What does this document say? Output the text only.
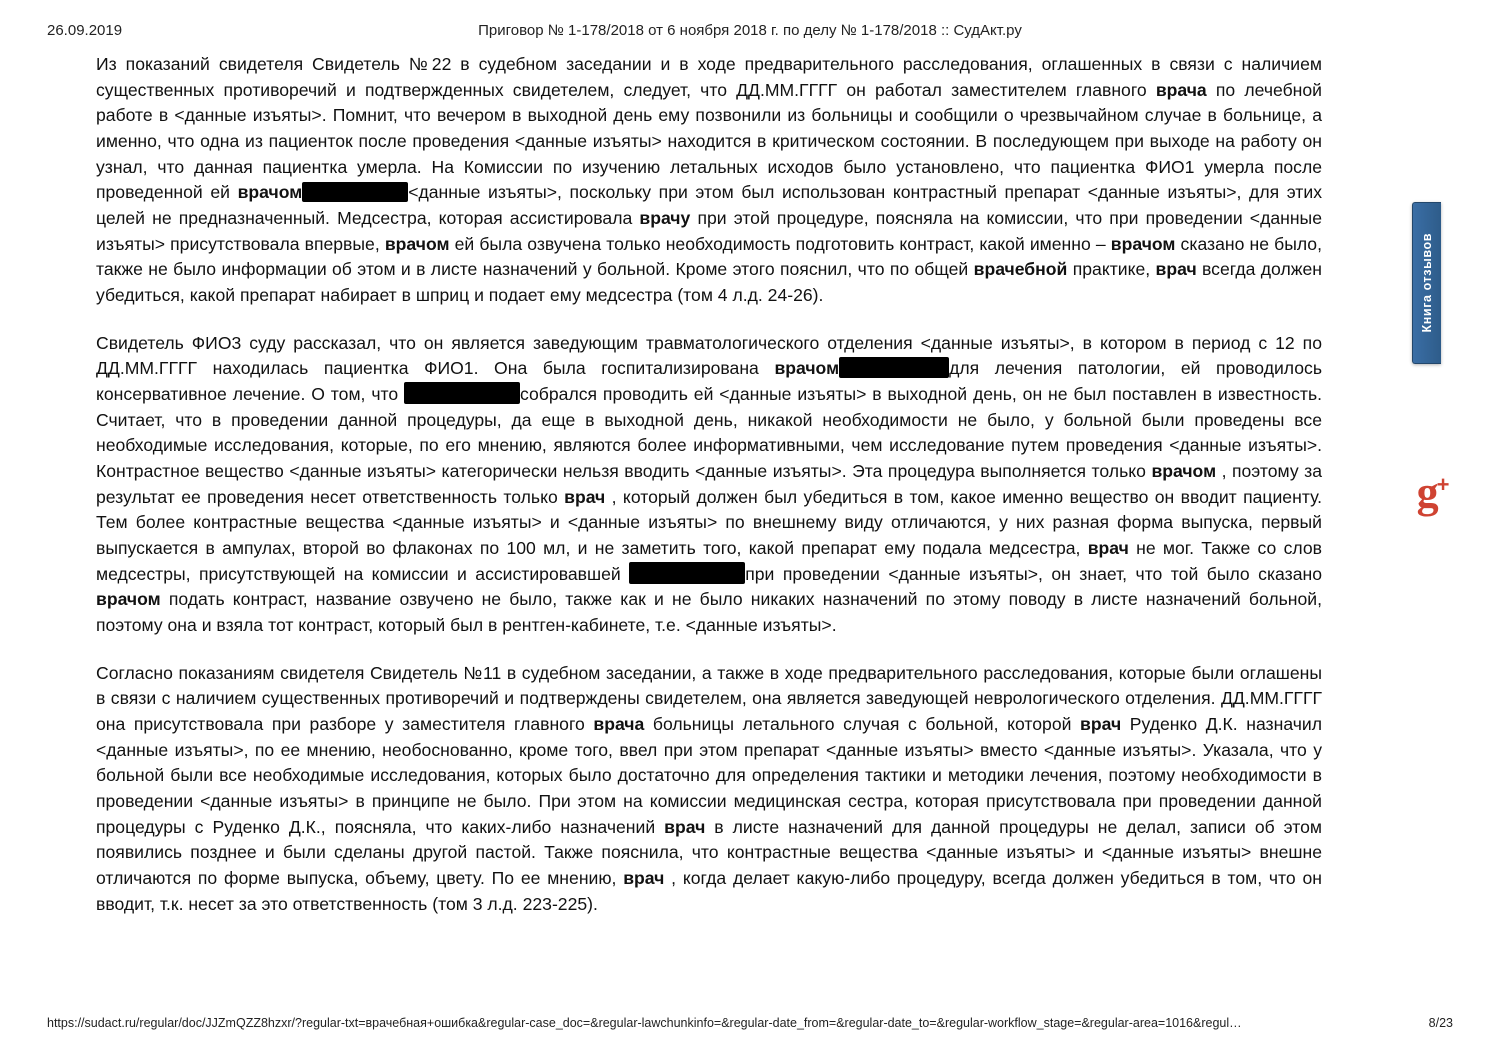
26.09.2019	Приговор № 1-178/2018 от 6 ноября 2018 г. по делу № 1-178/2018 :: СудАкт.ру

Из показаний свидетеля Свидетель №22 в судебном заседании и в ходе предварительного расследования, оглашенных в связи с наличием существенных противоречий и подтвержденных свидетелем, следует, что ДД.ММ.ГГГГ он работал заместителем главного врача по лечебной работе в <данные изъяты>. Помнит, что вечером в выходной день ему позвонили из больницы и сообщили о чрезвычайном случае в больнице, а именно, что одна из пациенток после проведения <данные изъяты> находится в критическом состоянии. В последующем при выходе на работу он узнал, что данная пациентка умерла. На Комиссии по изучению летальных исходов было установлено, что пациентка ФИО1 умерла после проведенной ей врачом	<данные изъяты>, поскольку при этом был использован контрастный препарат <данные изъяты>, для этих целей не предназначенный. Медсестра, которая ассистировала врачу при этой процедуре, поясняла на комиссии, что при проведении <данные изъяты> присутствовала впервые, врачом ей была озвучена только необходимость подготовить контраст, какой именно – врачом сказано не было, также не было информации об этом и в листе назначений у больной. Кроме этого пояснил, что по общей врачебной практике, врач всегда должен убедиться, какой препарат набирает в шприц и подает ему медсестра (том 4 л.д. 24-26).

Свидетель ФИО3 суду рассказал, что он является заведующим травматологического отделения <данные изъяты>, в котором в период с 12 по ДД.ММ.ГГГГ находилась пациентка ФИО1. Она была госпитализирована врачом	для лечения патологии, ей проводилось консервативное лечение. О том, что	собрался проводить ей <данные изъяты> в выходной день, он не был поставлен в известность. Считает, что в проведении данной процедуры, да еще в выходной день, никакой необходимости не было, у больной были проведены все необходимые исследования, которые, по его мнению, являются более информативными, чем исследование путем проведения <данные изъяты>. Контрастное вещество <данные изъяты> категорически нельзя вводить <данные изъяты>. Эта процедура выполняется только врачом , поэтому за результат ее проведения несет ответственность только врач , который должен был убедиться в том, какое именно вещество он вводит пациенту. Тем более контрастные вещества <данные изъяты> и <данные изъяты> по внешнему виду отличаются, у них разная форма выпуска, первый выпускается в ампулах, второй во флаконах по 100 мл, и не заметить того, какой препарат ему подала медсестра, врач не мог. Также со слов медсестры, присутствующей на комиссии и ассистировавшей	при проведении <данные изъяты>, он знает, что той было сказано врачом подать контраст, название озвучено не было, также как и не было никаких назначений по этому поводу в листе назначений больной, поэтому она и взяла тот контраст, который был в рентген-кабинете, т.е. <данные изъяты>.

Согласно показаниям свидетеля Свидетель №11 в судебном заседании, а также в ходе предварительного расследования, которые были оглашены в связи с наличием существенных противоречий и подтверждены свидетелем, она является заведующей неврологического отделения. ДД.ММ.ГГГГ она присутствовала при разборе у заместителя главного врача больницы летального случая с больной, которой врач Руденко Д.К. назначил <данные изъяты>, по ее мнению, необоснованно, кроме того, ввел при этом препарат <данные изъяты> вместо <данные изъяты>. Указала, что у больной были все необходимые исследования, которых было достаточно для определения тактики и методики лечения, поэтому необходимости в проведении <данные изъяты> в принципе не было. При этом на комиссии медицинская сестра, которая присутствовала при проведении данной процедуры с Руденко Д.К., поясняла, что каких-либо назначений врач в листе назначений для данной процедуры не делал, записи об этом появились позднее и были сделаны другой пастой. Также пояснила, что контрастные вещества <данные изъяты> и <данные изъяты> внешне отличаются по форме выпуска, объему, цвету. По ее мнению, врач , когда делает какую-либо процедуру, всегда должен убедиться в том, что он вводит, т.к. несет за это ответственность (том 3 л.д. 223-225).

https://sudact.ru/regular/doc/JJZmQZZ8hzxr/?regular-txt=врачебная+ошибка&regular-case_doc=&regular-lawchunkinfo=&regular-date_from=&regular-date_to=&regular-workflow_stage=&regular-area=1016&regul…	8/23
Книга отзывов
g
+
